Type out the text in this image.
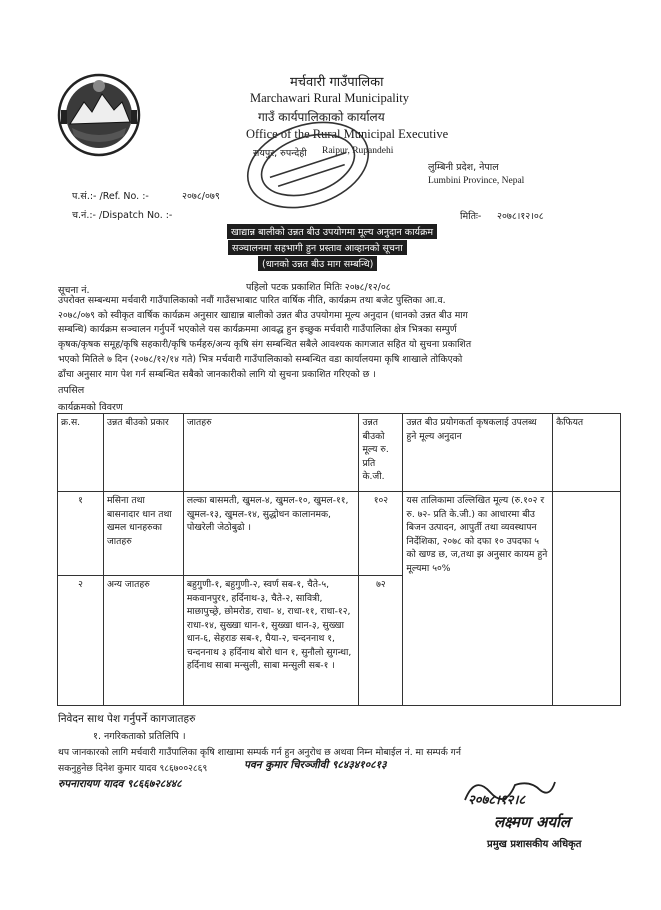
मर्चवारी गाउँपालिका
Marchawari Rural Municipality
गाउँ कार्यपालिकाको कार्यालय
Office of the Rural Municipal Executive
रायपुर, रुपन्देही Raipur, Rupandehi
लुम्बिनी प्रदेश, नेपाल
Lumbini Province, Nepal
प.सं.:- /Ref. No. :-	२०७८/०७९
च.नं.:- /Dispatch No. :-	मितिः- २०७८।१२।०८
खाद्यान्न बालीको उन्नत बीउ उपयोगमा मूल्य अनुदान कार्यक्रम
सञ्चालनमा सहभागी हुन प्रस्ताव आव्हानको सूचना
(धानको उन्नत बीउ माग सम्बन्धि)
सूचना नं.	पहिलो पटक प्रकाशित मितिः २०७८/१२/०८
उपरोक्त सम्बन्धमा मर्चवारी गाउँपालिकाको नवौं गाउँसभाबाट पारित वार्षिक नीति, कार्यक्रम तथा बजेट पुस्तिका आ.व.
२०७८/०७९ को स्वीकृत वार्षिक कार्यक्रम अनुसार खाद्यान्न बालीको उन्नत बीउ उपयोगमा मूल्य अनुदान (धानको उन्नत बीउ माग
सम्बन्धि) कार्यक्रम सञ्चालन गर्नुपर्ने भएकोले यस कार्यक्रममा आवद्ध हुन इच्छुक मर्चवारी गाउँपालिका क्षेत्र भित्रका सम्पुर्ण
कृषक/कृषक समूह/कृषि सहकारी/कृषि फर्महरु/अन्य कृषि संग सम्बन्धित सबैले आवश्यक कागजात सहित यो सुचना प्रकाशित
भएको मितिले ७ दिन (२०७८/१२/१४ गते) भित्र मर्चवारी गाउँपालिकाको सम्बन्धित वडा कार्यालयमा कृषि शाखाले तोकिएको
ढाँचा अनुसार माग पेश गर्न सम्बन्धित सबैको जानकारीको लागि यो सुचना प्रकाशित गरिएको छ ।
तपसिल
कार्यक्रमको विवरण
क्र.स.	उन्नत बीउको प्रकार	जातहरु	उन्नत बीउको मूल्य रु. प्रति के.जी.	उन्नत बीउ प्रयोगकर्ता कृषकलाई उपलब्ध हुने मूल्य अनुदान	कैफियत
१	मसिना तथा बासनादार धान तथा खमल धानहरुका जातहरु	लल्का बासमती, खुमल-४, खुमल-१०, खुमल-११, खुमल-१३, खुमल-१४, सुद्धोधन कालानमक, पोखरेली जेठोबुढो ।	१०२	यस तालिकामा उल्लिखित मूल्य (रु.१०२ र रु. ७२- प्रति के.जी.) का आधारमा बीउ बिजन उत्पादन, आपुर्ती तथा व्यवस्थापन निर्देशिका, २०७८ को दफा १० उपदफा ५ को खण्ड छ, ज,तथा झ अनुसार कायम हुने मूल्यमा ५०%	
२	अन्य जातहरु	बहुगुणी-१, बहुगुणी-२, स्वर्ण सब-१, चैते-५, मकवानपुर१, हर्दिनाथ-३, चैते-२, सावित्री, माछापुच्छ्रे, छोमरोङ, राधा- ४, राधा-११, राधा-१२, राधा-१४, सुख्खा धान-१, सुख्खा धान-३, सुख्खा धान-६, सेहराङ सब-१, घैया-२, चन्दननाथ १, चन्दननाथ ३ हर्दिनाथ बोरो धान १, सुनौलो सुगन्धा, हर्दिनाथ साबा मन्सुली, साबा मन्सुली सब-१ ।	७२		
निवेदन साथ पेश गर्नुपर्ने कागजातहरु
१. नगरिकताको प्रतिलिपि ।
थप जानकारको लागि मर्चवारी गाउँपालिका कृषि शाखामा सम्पर्क गर्न हुन अनुरोध छ अथवा निम्न मोबाईल नं. मा सम्पर्क गर्न
सकनुहुनेछ दिनेश कुमार यादव ९८६७००२८६९	पवन कुमार चिरञ्जीवी ९८४३४१०८१३
रुपनारायण यादव ९८६६७२८४४८
२०७८।१२।८
लक्ष्मण अर्याल
प्रमुख प्रशासकीय अधिकृत
